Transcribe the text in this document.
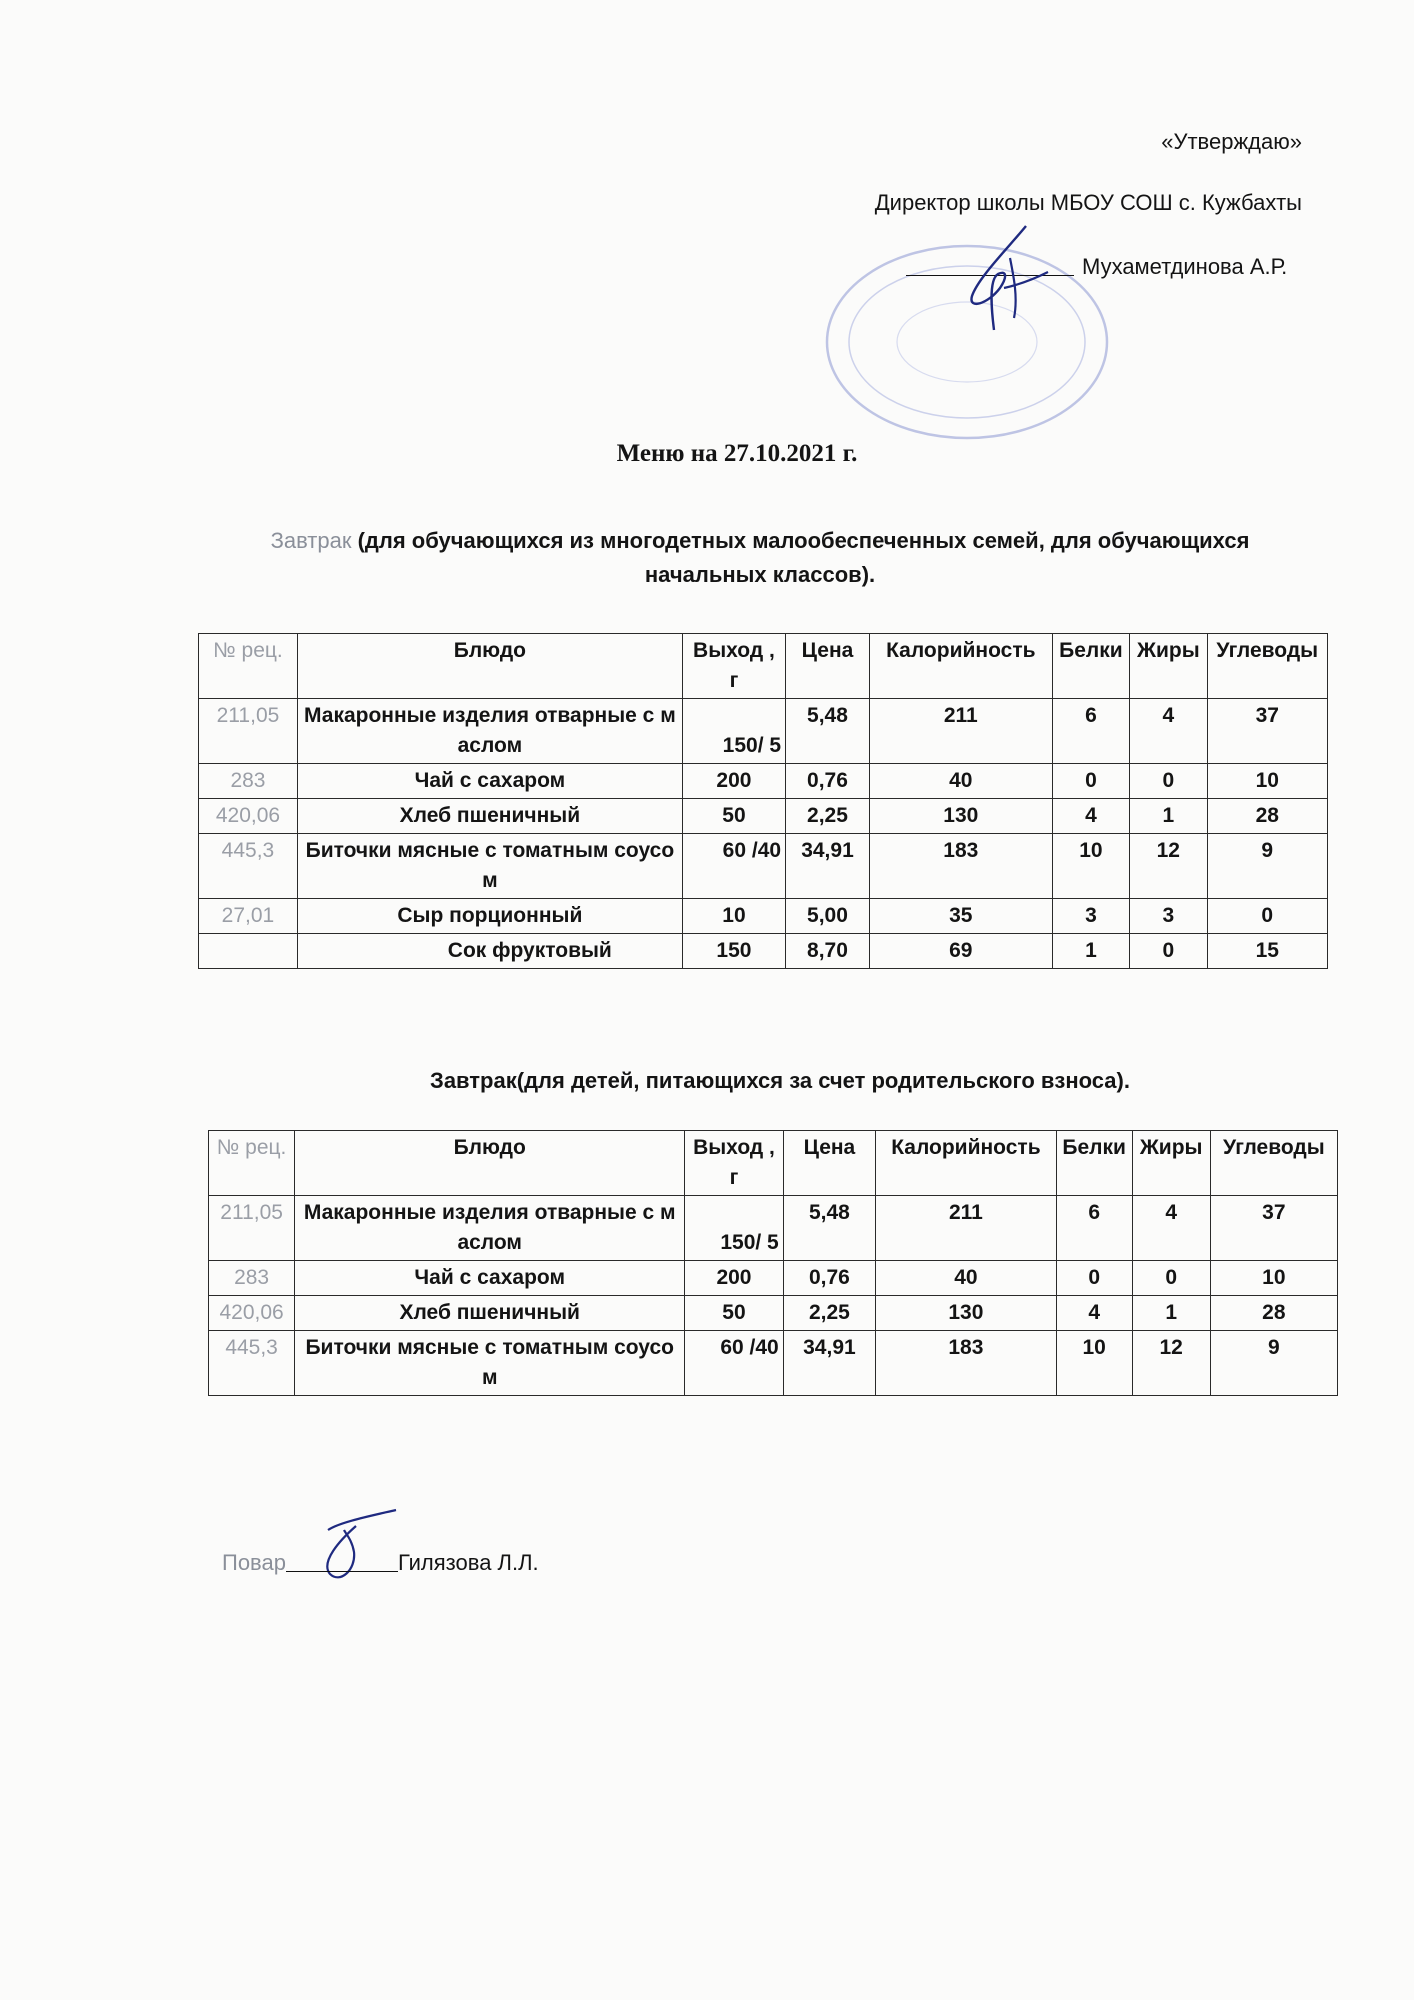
«Утверждаю»
Директор школы МБОУ СОШ с. Кужбахты
Мухаметдинова А.Р.
Меню на 27.10.2021 г.
Завтрак (для обучающихся из многодетных малообеспеченных семей, для обучающихся начальных классов).
№ рец.	Блюдо	Выход , г	Цена	Калорийность	Белки	Жиры	Углеводы
211,05	Макаронные изделия отварные с маслом	150/ 5	5,48	211	6	4	37
283	Чай с сахаром	200	0,76	40	0	0	10
420,06	Хлеб пшеничный	50	2,25	130	4	1	28
445,3	Биточки мясные с томатным соусом	60 /40	34,91	183	10	12	9
27,01	Сыр порционный	10	5,00	35	3	3	0
	Сок фруктовый	150	8,70	69	1	0	15
Завтрак(для детей, питающихся за счет родительского взноса).
№ рец.	Блюдо	Выход , г	Цена	Калорийность	Белки	Жиры	Углеводы
211,05	Макаронные изделия отварные с маслом	150/ 5	5,48	211	6	4	37
283	Чай с сахаром	200	0,76	40	0	0	10
420,06	Хлеб пшеничный	50	2,25	130	4	1	28
445,3	Биточки мясные с томатным соусом	60 /40	34,91	183	10	12	9
Повар	Гилязова Л.Л.
